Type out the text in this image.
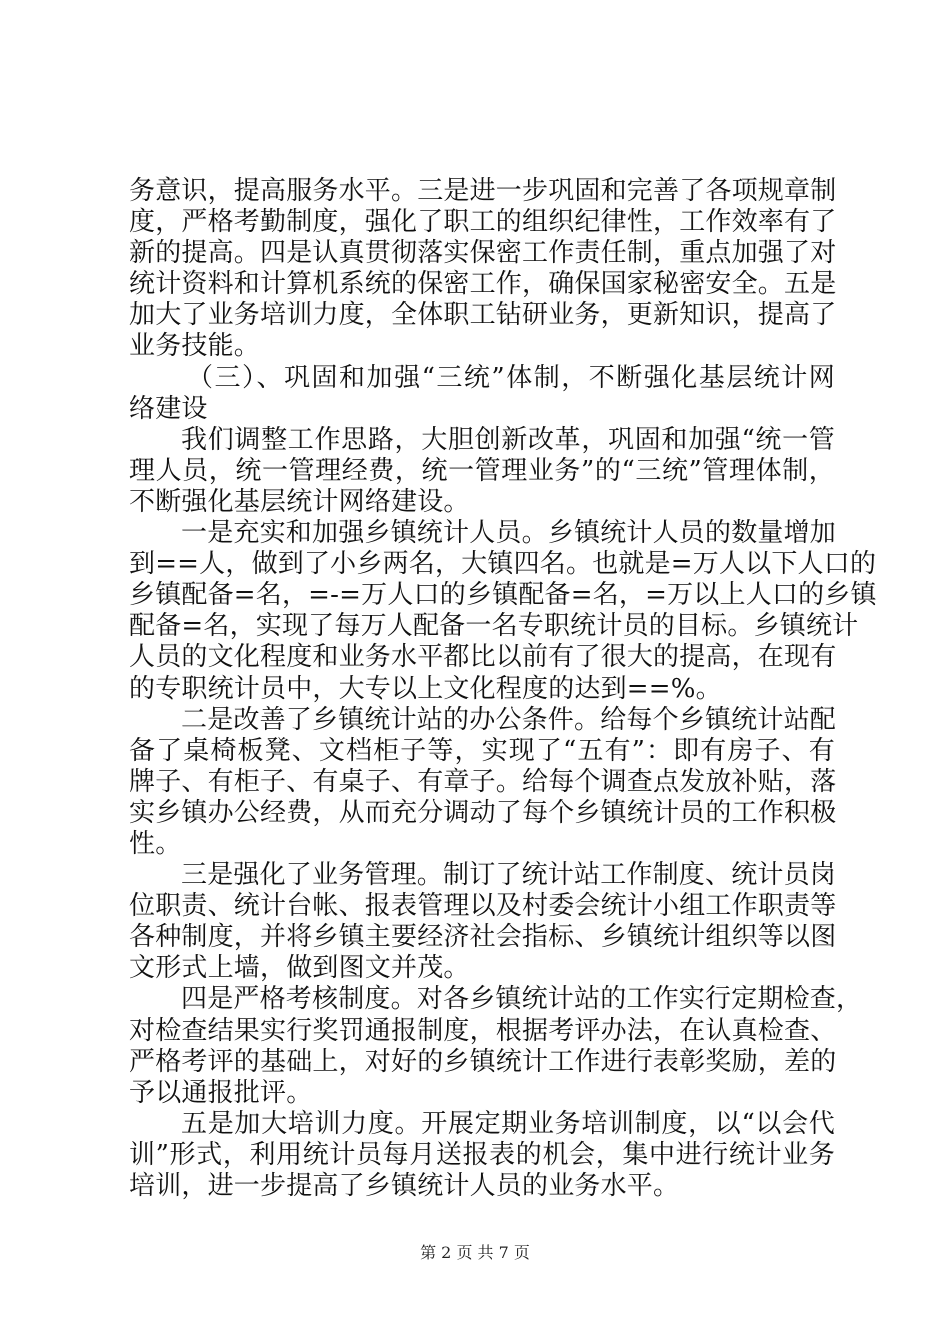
务意识，提高服务水平。三是进一步巩固和完善了各项规章制
度，严格考勤制度，强化了职工的组织纪律性，工作效率有了
新的提高。四是认真贯彻落实保密工作责任制，重点加强了对
统计资料和计算机系统的保密工作，确保国家秘密安全。五是
加大了业务培训力度，全体职工钻研业务，更新知识，提高了
业务技能。
（三）、巩固和加强“三统”体制，不断强化基层统计网
络建设
我们调整工作思路，大胆创新改革，巩固和加强“统一管
理人员，统一管理经费，统一管理业务”的“三统”管理体制，
不断强化基层统计网络建设。
一是充实和加强乡镇统计人员。乡镇统计人员的数量增加
到==人，做到了小乡两名，大镇四名。也就是=万人以下人口的
乡镇配备=名，=-=万人口的乡镇配备=名，=万以上人口的乡镇
配备=名，实现了每万人配备一名专职统计员的目标。乡镇统计
人员的文化程度和业务水平都比以前有了很大的提高，在现有
的专职统计员中，大专以上文化程度的达到==%。
二是改善了乡镇统计站的办公条件。给每个乡镇统计站配
备了桌椅板凳、文档柜子等，实现了“五有”：即有房子、有
牌子、有柜子、有桌子、有章子。给每个调查点发放补贴，落
实乡镇办公经费，从而充分调动了每个乡镇统计员的工作积极
性。
三是强化了业务管理。制订了统计站工作制度、统计员岗
位职责、统计台帐、报表管理以及村委会统计小组工作职责等
各种制度，并将乡镇主要经济社会指标、乡镇统计组织等以图
文形式上墙，做到图文并茂。
四是严格考核制度。对各乡镇统计站的工作实行定期检查，
对检查结果实行奖罚通报制度，根据考评办法，在认真检查、
严格考评的基础上，对好的乡镇统计工作进行表彰奖励，差的
予以通报批评。
五是加大培训力度。开展定期业务培训制度，以“以会代
训”形式，利用统计员每月送报表的机会，集中进行统计业务
培训，进一步提高了乡镇统计人员的业务水平。
第 2 页 共 7 页
